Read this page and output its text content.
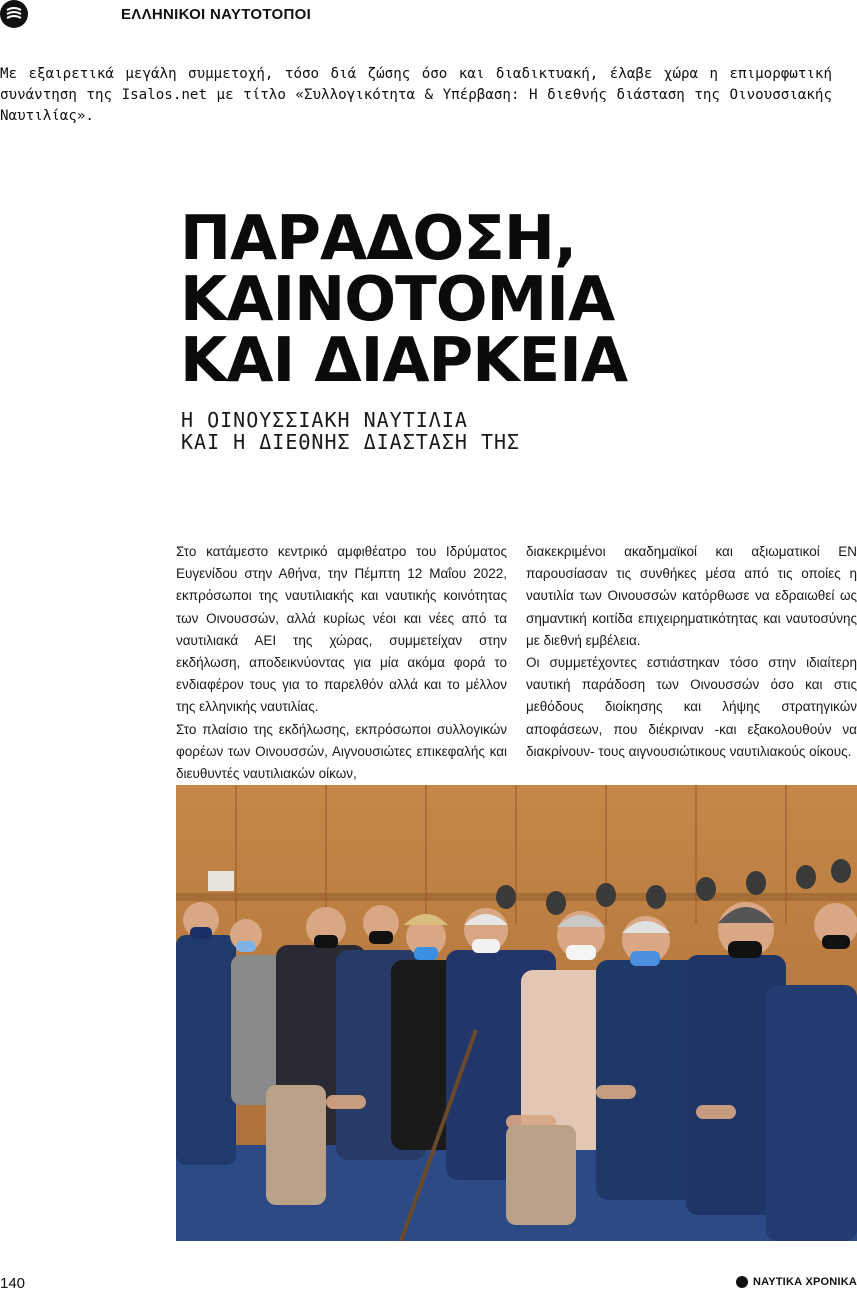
ΕΛΛΗΝΙΚΟΙ ΝΑΥΤΟΤΟΠΟΙ
Με εξαιρετικά μεγάλη συμμετοχή, τόσο διά ζώσης όσο και διαδικτυακή, έλαβε χώρα η επιμορφωτική συνάντηση της Isalos.net με τίτλο «Συλλογικότητα & Υπέρβαση: Η διεθνής διάσταση της Οινουσσιακής Ναυτιλίας».
ΠΑΡΑΔΟΣΗ,
ΚΑΙΝΟΤΟΜΙΑ
ΚΑΙ ΔΙΑΡΚΕΙΑ
Η ΟΙΝΟΥΣΣΙΑΚΗ ΝΑΥΤΙΛΙΑ
ΚΑΙ Η ΔΙΕΘΝΗΣ ΔΙΑΣΤΑΣΗ ΤΗΣ

Στο κατάμεστο κεντρικό αμφιθέατρο του Ιδρύματος Ευγενίδου στην Αθήνα, την Πέμπτη 12 Μαΐου 2022, εκπρόσωποι της ναυτιλιακής και ναυτικής κοινότητας των Οινουσσών, αλλά κυρίως νέοι και νέες από τα ναυτιλιακά ΑΕΙ της χώρας, συμμετείχαν στην εκδήλωση, αποδεικνύοντας για μία ακόμα φορά το ενδιαφέρον τους για το παρελθόν αλλά και το μέλλον της ελληνικής ναυτιλίας.

Στο πλαίσιο της εκδήλωσης, εκπρόσωποι συλλογικών φορέων των Οινουσσών, Αιγνουσιώτες επικεφαλής και διευθυντές ναυτιλιακών οίκων,

διακεκριμένοι ακαδημαϊκοί και αξιωματικοί ΕΝ παρουσίασαν τις συνθήκες μέσα από τις οποίες η ναυτιλία των Οινουσσών κατόρθωσε να εδραιωθεί ως σημαντική κοιτίδα επιχειρηματικότητας και ναυτοσύνης με διεθνή εμβέλεια.

Οι συμμετέχοντες εστιάστηκαν τόσο στην ιδιαίτερη ναυτική παράδοση των Οινουσσών όσο και στις μεθόδους διοίκησης και λήψης στρατηγικών αποφάσεων, που διέκριναν -και εξακολουθούν να διακρίνουν- τους αιγνουσιώτικους ναυτιλιακούς οίκους.

140	ΝΑΥΤΙΚΑ ΧΡΟΝΙΚΑ
